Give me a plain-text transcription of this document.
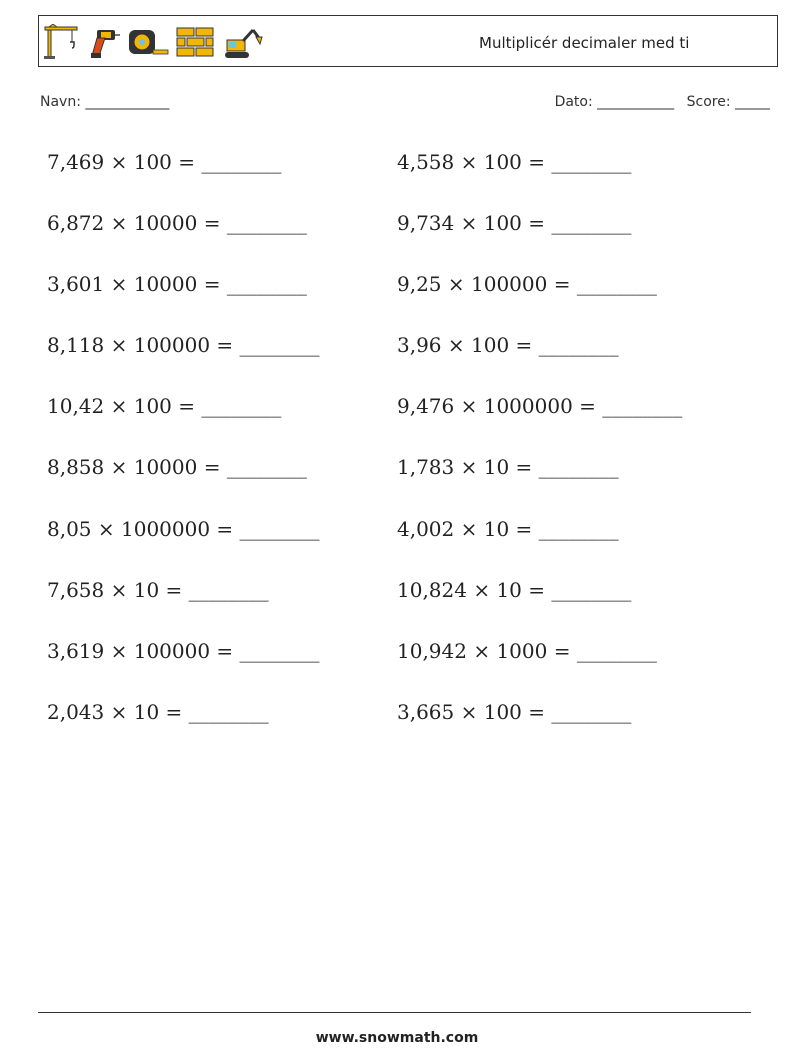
Multiplicér decimaler med ti
Navn: ____________	Dato: ___________ Score: _____
7,469 × 100 = ________	4,558 × 100 = ________
6,872 × 10000 = ________	9,734 × 100 = ________
3,601 × 10000 = ________	9,25 × 100000 = ________
8,118 × 100000 = ________	3,96 × 100 = ________
10,42 × 100 = ________	9,476 × 1000000 = ________
8,858 × 10000 = ________	1,783 × 10 = ________
8,05 × 1000000 = ________	4,002 × 10 = ________
7,658 × 10 = ________	10,824 × 10 = ________
3,619 × 100000 = ________	10,942 × 1000 = ________
2,043 × 10 = ________	3,665 × 100 = ________
www.snowmath.com
